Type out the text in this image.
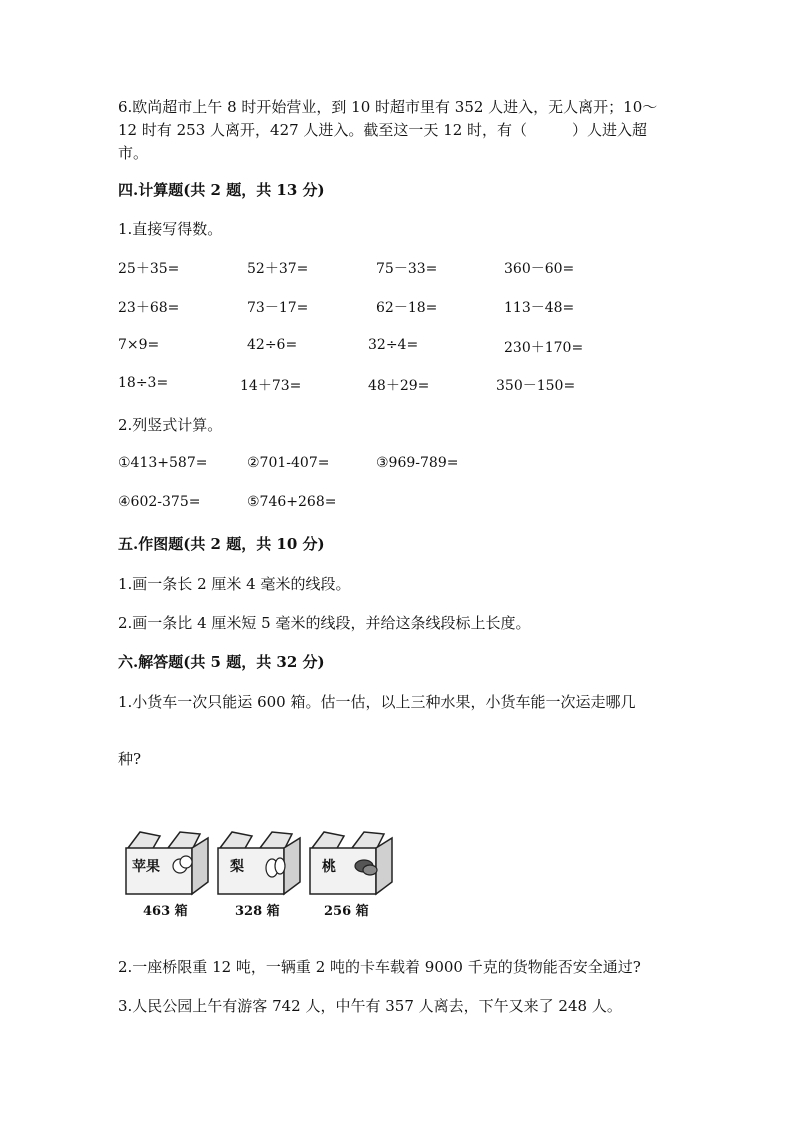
6.欧尚超市上午 8 时开始营业，到 10 时超市里有 352 人进入，无人离开；10～
12 时有 253 人离开，427 人进入。截至这一天 12 时，有（　　　）人进入超
市。
四.计算题(共 2 题，共 13 分)
1.直接写得数。
25＋35=	52＋37=	75－33=	360－60=
23＋68=	73－17=	62－18=	113－48=
7×9=	42÷6=	32÷4=	230＋170=
18÷3=	14＋73=	48＋29=	350－150=
2.列竖式计算。
①413+587=	②701-407=	③969-789=
④602-375=	⑤746+268=
五.作图题(共 2 题，共 10 分)
1.画一条长 2 厘米 4 毫米的线段。
2.画一条比 4 厘米短 5 毫米的线段，并给这条线段标上长度。
六.解答题(共 5 题，共 32 分)
1.小货车一次只能运 600 箱。估一估，以上三种水果，小货车能一次运走哪几
种?
苹果	梨	桃
463 箱	328 箱	256 箱
2.一座桥限重 12 吨，一辆重 2 吨的卡车载着 9000 千克的货物能否安全通过?
3.人民公园上午有游客 742 人，中午有 357 人离去，下午又来了 248 人。
